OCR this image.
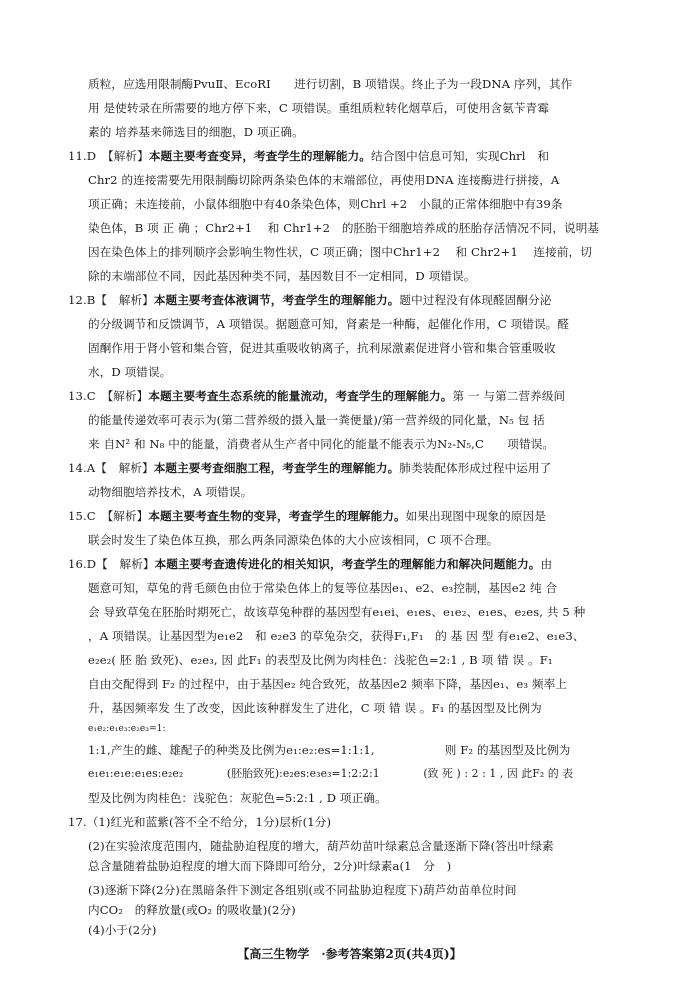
质粒，应选用限制酶PvuⅡ、EcoRI　　进行切割，B 项错误。终止子为一段DNA 序列，其作
用 是使转录在所需要的地方停下来，C 项错误。重组质粒转化烟草后，可使用含氨苄青霉
素的 培养基来筛选目的细胞，D 项正确。
11.D　【解析】本题主要考查变异，考查学生的理解能力。结合图中信息可知，实现Chrl　和
Chr2 的连接需要先用限制酶切除两条染色体的末端部位，再使用DNA 连接酶进行拼接，A
项正确；未连接前，小鼠体细胞中有40条染色体，则Chrl +2　小鼠的正常体细胞中有39条
染色体，B 项 正 确 ；Chr2+1　 和 Chr1+2　的胚胎干细胞培养成的胚胎存活情况不同，说明基
因在染色体上的排列顺序会影响生物性状，C 项正确；图中Chr1+2　 和 Chr2+1　 连接前，切
除的末端部位不同，因此基因种类不同，基因数目不一定相同，D 项错误。
12.B【　解析】本题主要考查体液调节，考查学生的理解能力。题中过程没有体现醛固酮分泌
的分级调节和反馈调节，A 项错误。据题意可知，肾素是一种酶，起催化作用，C 项错误。醛
固酮作用于肾小管和集合管，促进其重吸收钠离子，抗利尿激素促进肾小管和集合管重吸收
水，D 项错误。
13.C　【解析】本题主要考查生态系统的能量流动，考查学生的理解能力。第 一 与第二营养级间
的能量传递效率可表示为(第二营养级的摄入量一粪便量)/第一营养级的同化量，N₅ 包 括
来 自N² 和 N₈ 中的能量，消费者从生产者中同化的能量不能表示为N₂-N₅,C　　项错误。
14.A【　解析】本题主要考查细胞工程，考查学生的理解能力。肺类装配体形成过程中运用了
动物细胞培养技术，A 项错误。
15.C　【解析】本题主要考查生物的变异，考查学生的理解能力。如果出现图中现象的原因是
联会时发生了染色体互换，那么两条同源染色体的大小应该相同，C 项不合理。
16.D【　解析】本题主要考查遗传进化的相关知识，考查学生的理解能力和解决问题能力。由
题意可知，草兔的背毛颜色由位于常染色体上的复等位基因e₁、e2、e₃控制，基因e2 纯 合
会 导致草兔在胚胎时期死亡，故该草兔种群的基因型有e₁ei、e₁es、e₁e₂、e₁es、e₂es, 共 5 种
，A 项错误。让基因型为e₁e2　和 e₂e3 的草兔杂交，获得F₁,F₁　的 基 因 型 有e₁e2、e₁e3、
e₂e₂( 胚 胎 致死)、e₂e₃, 因 此F₁ 的表型及比例为肉桂色：浅驼色=2:1 , B 项 错 误 。F₁
自由交配得到 F₂ 的过程中，由于基因e₂ 纯合致死，故基因e2 频率下降，基因e₁、e₃ 频率上
升，基因频率发 生了改变，因此该种群发生了进化，C 项 错 误 。F₁ 的基因型及比例为
e₁e₂:e₁e₃:e₂e₃=1:
1:1,产生的雌、雄配子的种类及比例为e₁:e₂:es=1:1:1,　　　　　　则 F₂ 的基因型及比例为
e₁e₁:e₁e:e₁es:e₂e₂　　　　(胚胎致死):e₂es:e₃e₃=1:2:2:1　　　　(致 死 ) : 2 : 1 , 因 此F₂ 的 表
型及比例为肉桂色：浅驼色：灰驼色=5:2:1 , D 项正确。
17.（1)红光和蓝紫(答不全不给分，1分)层析(1分)
(2)在实验浓度范围内，随盐胁迫程度的增大，葫芦幼苗叶绿素总含量逐渐下降(答出叶绿素
总含量随着盐胁迫程度的增大而下降即可给分，2分)叶绿素a(1　分　)
(3)逐渐下降(2分)在黑暗条件下测定各组别(或不同盐胁迫程度下)葫芦幼苗单位时间
内CO₂　的释放量(或O₂ 的吸收量)(2分)
(4)小于(2分)
【高三生物学　·参考答案第2页(共4页)】
